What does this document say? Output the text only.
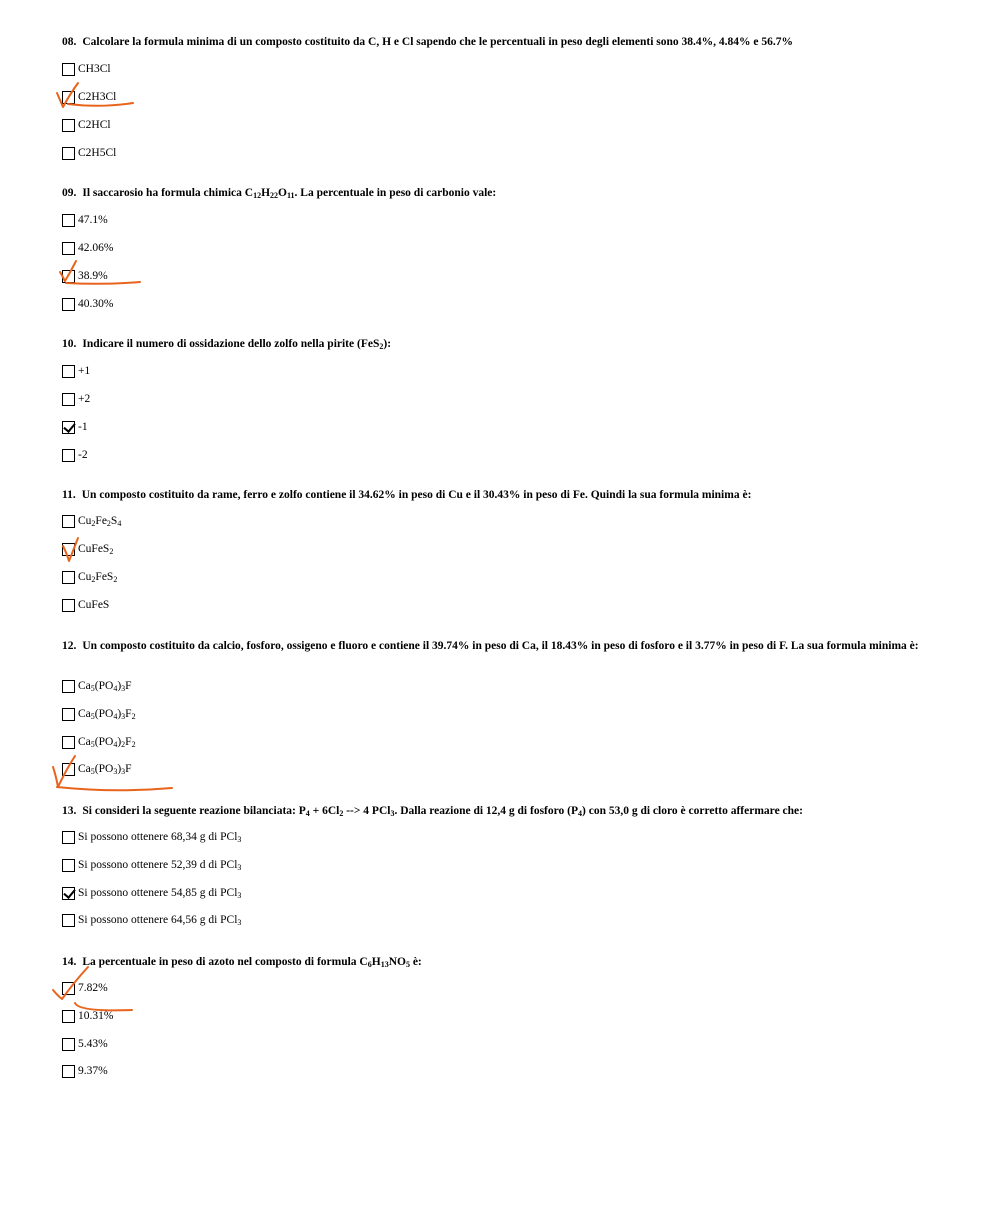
08. Calcolare la formula minima di un composto costituito da C, H e Cl sapendo che le percentuali in peso degli elementi sono 38.4%, 4.84% e 56.7%

CH3Cl
C2H3Cl
C2HCl
C2H5Cl

09. Il saccarosio ha formula chimica $C_{12}H_{22}O_{11}$. La percentuale in peso di carbonio vale:

47.1%
42.06%
38.9%
40.30%

10. Indicare il numero di ossidazione dello zolfo nella pirite (FeS$_2$):

+1
+2
-1
-2

11. Un composto costituito da rame, ferro e zolfo contiene il 34.62% in peso di Cu e il 30.43% in peso di Fe. Quindi la sua formula minima è:

$Cu_2Fe_2S_4$
CuFeS$_2$
$Cu_2FeS_2$
CuFeS

12. Un composto costituito da calcio, fosforo, ossigeno e fluoro e contiene il 39.74% in peso di Ca, il 18.43% in peso di fosforo e il 3.77% in peso di F. La sua formula minima è:

$Ca_5(PO_4)_3F$
$Ca_5(PO_4)_3F_2$
$Ca_5(PO_4)_2F_2$
$Ca_5(PO_3)_3F$

13. Si consideri la seguente reazione bilanciata: $P_4 + 6Cl_2$ --> 4 PCl$_3$. Dalla reazione di 12,4 g di fosforo $(P_4)$ con 53,0 g di cloro è corretto affermare che:

Si possono ottenere 68,34 g di PCl$_3$
Si possono ottenere 52,39 d di PCl$_3$
Si possono ottenere 54,85 g di PCl$_3$
Si possono ottenere 64,56 g di PCl$_3$

14. La percentuale in peso di azoto nel composto di formula $C_6H_{13}NO_5$ è:

7.82%
10.31%
5.43%
9.37%
